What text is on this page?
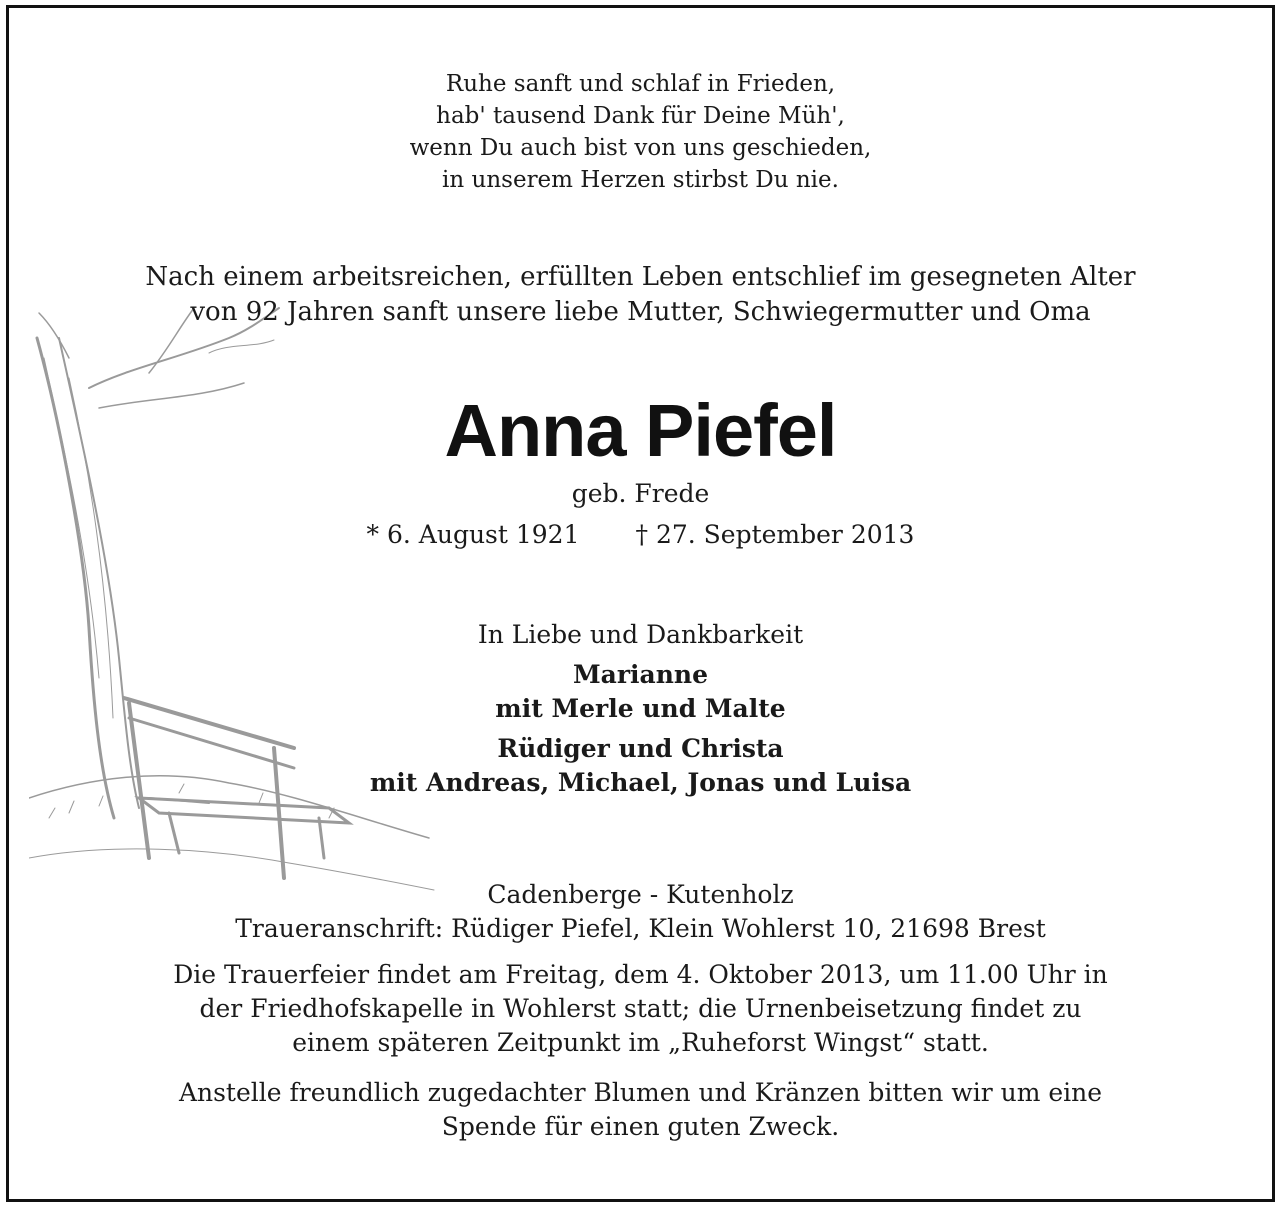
Ruhe sanft und schlaf in Frieden,
hab' tausend Dank für Deine Müh',
wenn Du auch bist von uns geschieden,
in unserem Herzen stirbst Du nie.
Nach einem arbeitsreichen, erfüllten Leben entschlief im gesegneten Alter
von 92 Jahren sanft unsere liebe Mutter, Schwiegermutter und Oma
Anna Piefel
geb. Frede
* 6. August 1921 † 27. September 2013
In Liebe und Dankbarkeit
Marianne
mit Merle und Malte
Rüdiger und Christa
mit Andreas, Michael, Jonas und Luisa
Cadenberge - Kutenholz
Traueranschrift: Rüdiger Piefel, Klein Wohlerst 10, 21698 Brest
Die Trauerfeier findet am Freitag, dem 4. Oktober 2013, um 11.00 Uhr in
der Friedhofskapelle in Wohlerst statt; die Urnenbeisetzung findet zu
einem späteren Zeitpunkt im „Ruheforst Wingst“ statt.
Anstelle freundlich zugedachter Blumen und Kränzen bitten wir um eine
Spende für einen guten Zweck.
